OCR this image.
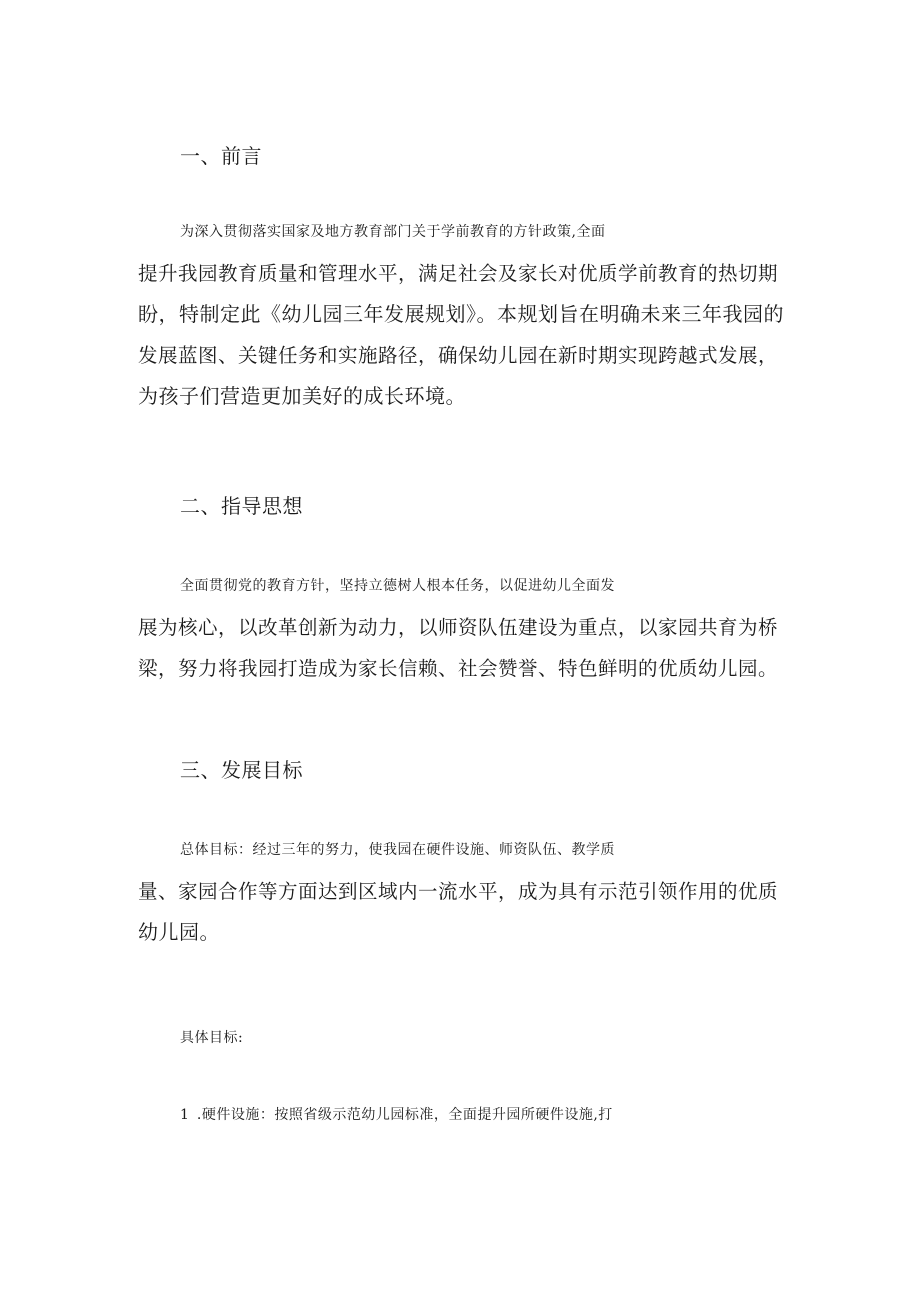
一、前言

为深入贯彻落实国家及地方教育部门关于学前教育的方针政策,全面
提升我园教育质量和管理水平，满足社会及家长对优质学前教育的热切期
盼，特制定此《幼儿园三年发展规划》。本规划旨在明确未来三年我园的
发展蓝图、关键任务和实施路径，确保幼儿园在新时期实现跨越式发展，
为孩子们营造更加美好的成长环境。

二、指导思想

全面贯彻党的教育方针，坚持立德树人根本任务，以促进幼儿全面发
展为核心，以改革创新为动力，以师资队伍建设为重点，以家园共育为桥
梁，努力将我园打造成为家长信赖、社会赞誉、特色鲜明的优质幼儿园。

三、发展目标

总体目标：经过三年的努力，使我园在硬件设施、师资队伍、教学质
量、家园合作等方面达到区域内一流水平，成为具有示范引领作用的优质
幼儿园。

具体目标:

1 .硬件设施：按照省级示范幼儿园标准，全面提升园所硬件设施,打
